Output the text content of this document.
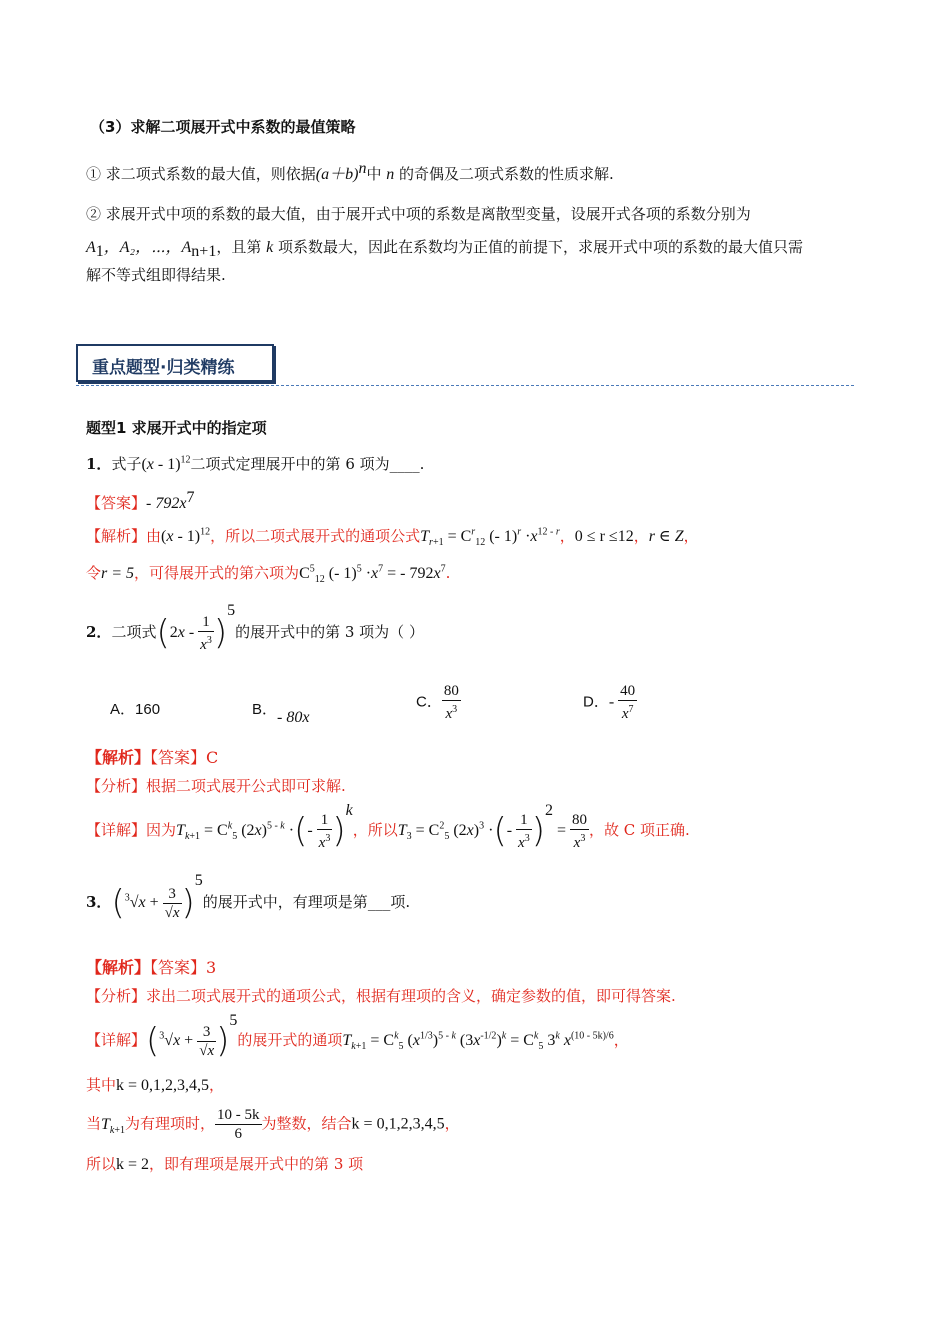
（3）求解二项展开式中系数的最值策略
① 求二项式系数的最大值，则依据$(a+b)^n$中 n 的奇偶及二项式系数的性质求解.
② 求展开式中项的系数的最大值，由于展开式中项的系数是离散型变量，设展开式各项的系数分别为
$A_1$，A₂，⋯，$A_{n+1}$，且第 k 项系数最大，因此在系数均为正值的前提下，求展开式中项的系数的最大值只需
解不等式组即得结果.
重点题型·归类精练
题型1 求展开式中的指定项
1．式子(x - 1)$^{12}$二项式定理展开中的第 6 项为____.
【答案】- $792x^7$
【解析】由(x - 1)$^{12}$，所以二项式展开式的通项公式$T_{r+1} = C^r_{12}$ (- $1)^r \cdot x^{12 - r}$，0 ≤ r ≤12，r ∈ Z，
令r = 5，可得展开式的第六项为$C^5_{12}$ (- $1)^5 \cdot x^7$ = - $792x^7$.
2．二项式$(2x - \frac{1}{x^3} )^5$的展开式中的第 3 项为（ ）
A．160	B．- 80x
C． $\frac{80}{x^3}$	D．- $\frac{40}{x^7}$
【解析】【答案】C
【分析】根据二项式展开公式即可求解.
【详解】因为$T_{k+1} = C^k_5$ $(2x)^{5 - k}$ ·(- $\frac{1}{x^3} )^k$，所以$T_3 = C^2_5$ $(2x)^3$ ·(- $\frac{1}{x^3} )^2 = \frac{80}{x^3}$ ，故 C 项正确.
3．$(^3√x + \frac{3}{√x} )^5$的展开式中，有理项是第___项.
【解析】【答案】3
【分析】求出二项式展开式的通项公式，根据有理项的含义，确定参数的值，即可得答案.
【详解】$(^3√x + \frac{3}{√x} )^5$的展开式的通项$T_{k+1} = C^k_5$ $(x^{1/3})^{5 - k}$ $(3x^{-1/2})^k = C^k_5$ 3$^k$ $x^{(10 - 5k)/6}$，
其中k = 0,1,2,3,4,5，
当$T_{k+1}$为有理项时， $\frac{10 - 5k}{6}$ 为整数，结合k = 0,1,2,3,4,5，
所以k = 2，即有理项是展开式中的第 3 项
